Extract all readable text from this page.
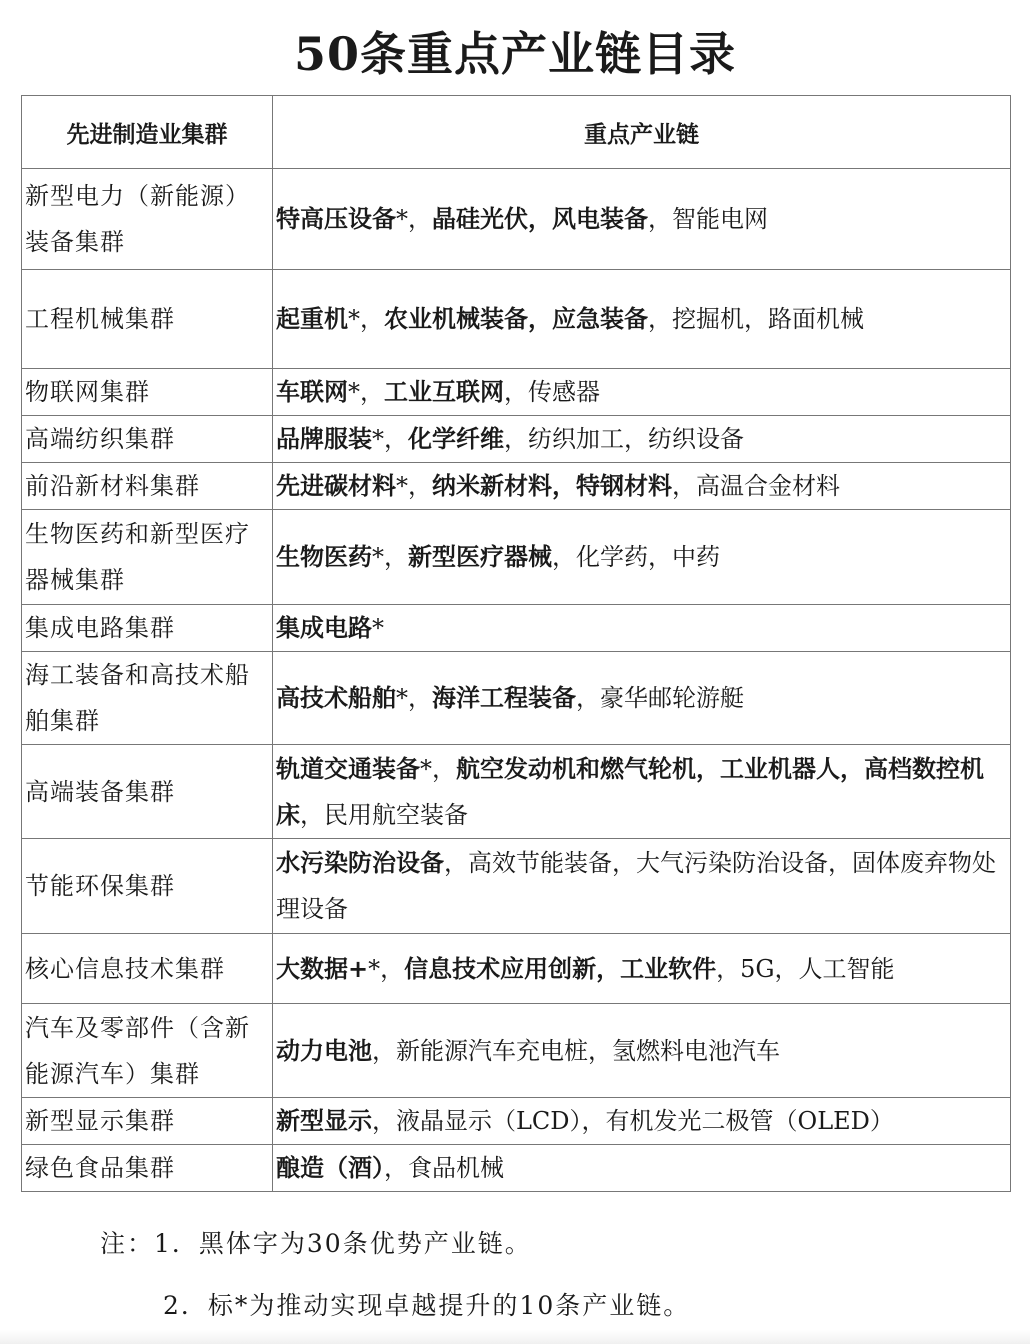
50条重点产业链目录
先进制造业集群	重点产业链
新型电力（新能源）装备集群	特高压设备*，晶硅光伏，风电装备，智能电网
工程机械集群	起重机*，农业机械装备，应急装备，挖掘机，路面机械
物联网集群	车联网*，工业互联网，传感器
高端纺织集群	品牌服装*，化学纤维，纺织加工，纺织设备
前沿新材料集群	先进碳材料*，纳米新材料，特钢材料，高温合金材料
生物医药和新型医疗器械集群	生物医药*，新型医疗器械，化学药，中药
集成电路集群	集成电路*
海工装备和高技术船舶集群	高技术船舶*，海洋工程装备，豪华邮轮游艇
高端装备集群	轨道交通装备*，航空发动机和燃气轮机，工业机器人，高档数控机床，民用航空装备
节能环保集群	水污染防治设备，高效节能装备，大气污染防治设备，固体废弃物处理设备
核心信息技术集群	大数据+*，信息技术应用创新，工业软件，5G，人工智能
汽车及零部件（含新能源汽车）集群	动力电池，新能源汽车充电桩，氢燃料电池汽车
新型显示集群	新型显示，液晶显示（LCD），有机发光二极管（OLED）
绿色食品集群	酿造（酒），食品机械
注：1．黑体字为30条优势产业链。
2．标*为推动实现卓越提升的10条产业链。
